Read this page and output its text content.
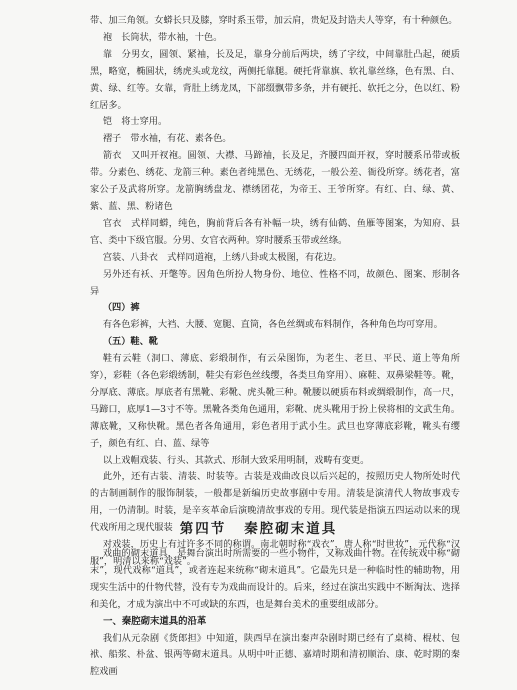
带、加三角领。女蟒长只及膝，穿时系玉带，加云肩，贵妃及封诰夫人等穿，有十种颜色。

袍　长筒状，带水袖，十色。

靠　分男女，圆领、紧袖，长及足，靠身分前后两块，绣了字纹，中间靠肚凸起，硬质黑，略宽，椭圆状，绣虎头或龙纹，两侧托靠腿。硬托背靠旗、软礼靠丝绦，色有黑、白、黄、绿、红等。女靠，背肚上绣龙凤，下部缀飘带多条，并有硬托、软托之分，色以红、粉红居多。

铠　将士穿用。

褶子　带水袖，有花、素各色。

箭衣　又叫开衩袍。圆领、大襟、马蹄袖，长及足，齐腰四面开衩，穿时腰系吊带或板带。分素色、绣花、龙箭三种。素色者纯黑色、无绣花，一般公差、衙役所穿。绣花者，富家公子及武将所穿。龙箭胸绣盘龙、襟绣团花，为帝王、王爷所穿。有红、白、绿、黄、紫、蓝、黑、粉诸色

官衣　式样同蟒，纯色，胸前背后各有补幅一块，绣有仙鹤、鱼雁等图案，为知府、县官、类中下级官服。分男、女官衣两种。穿时腰系玉带或丝绦。

宫装、八卦衣　式样同道袍，上绣八卦或太极图，有花边。

另外还有袄、开氅等。因角色所扮人物身份、地位、性格不同，故颜色、图案、形制各异

（四）裤

有各色彩裤，大裆、大腰、宽腿、直筒，各色丝绸或布料制作，各种角色均可穿用。

（五）鞋、靴

鞋有云鞋（洞口、薄底、彩缎制作，有云朵图饰，为老生、老旦、平民、道上等角所穿），彩鞋（各色彩缎绣制，鞋尖有彩色丝线缨，各类旦角穿用）、麻鞋、双鼻梁鞋等。靴，分厚底、薄底。厚底者有黑靴、彩靴、虎头靴三种。靴腰以硬质布料或绸缎制作，高一尺，马蹄口，底厚1—3寸不等。黑靴各类角色通用，彩靴、虎头靴用于扮上侯将相的文武生角。薄底靴，又称快靴。黑色者各角通用，彩色者用于武小生。武旦也穿薄底彩靴，靴头有缨子，颜色有红、白、蓝、绿等

以上戏帽戏装、行头、其款式、形制大致采用明制，戏畴有变更。

此外，还有古装、清装、时装等。古装是戏曲改良以后兴起的，按照历史人物所处时代的古制画制作的服饰制装，一般都是新编历史故事剧中专用。清装是演清代人物故事戏专用，一仍清制。时装，是辛亥革命后演晚清故事戏的专用。现代装是指演五四运动以来的现代戏所用之现代服装

对戏装，历史上有过许多不同的称谓。南北朝时称“戏衣”，唐人称“时世妆”，元代称“汉服”，明清以来称“戏装”。

第四节 秦腔砌末道具

戏曲的砌末道具，是舞台演出时所需要的一些小物件，又称戏曲什物。在传统戏中称“砌末”，现代戏称“道具”，或者连起来统称“砌末道具”。它最先只是一种临时性的辅助物，用现实生活中的什物代替，没有专为戏曲而设计的。后来，经过在演出实践中不断淘汰、选择和美化，才成为演出中不可或缺的东西，也是舞台美术的重要组成部分。

一、秦腔砌末道具的沿革

我们从元杂剧《货郎担》中知道，陕西早在演出秦声杂剧时期已经有了桌椅、棍杖、包袱、船浆、朴盆、银两等砌末道具。从明中叶正德、嘉靖时期和清初顺治、康、乾时期的秦腔戏画
